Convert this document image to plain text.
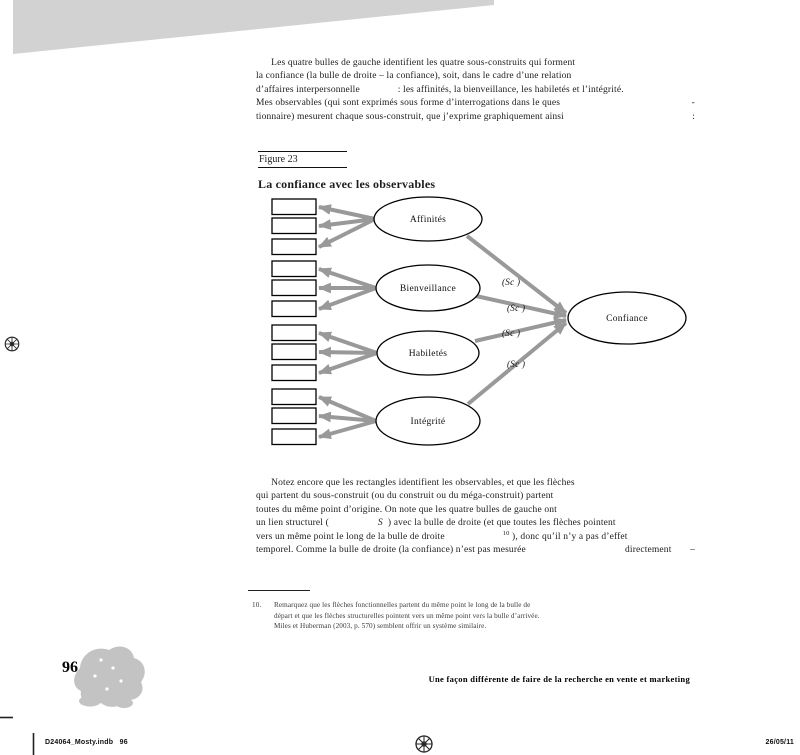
Affinités
Bienveillance
Habiletés
Intégrité
Confiance
(Sc )
(Sc )
(Sc )
(Sc )
Les quatre bulles de gauche identifient les quatre sous-construits qui forment
la confiance (la bulle de droite – la confiance), soit, dans le cadre d’une relation
d’affaires interpersonnelle               : les affinités, la bienveillance, les habiletés et l’intégrité.
Mes observables (qui sont exprimés sous forme d’interrogations dans le ques	-
tionnaire) mesurent chaque sous-construit, que j’exprime graphiquement ainsi	:
Figure 23
La confiance avec les observables
Notez encore que les rectangles identifient les observables, et que les flèches
qui partent du sous-construit (ou du construit ou du méga-construit) partent
toutes du même point d’origine. On note que les quatre bulles de gauche ont
un lien structurel (	S  ) avec la bulle de droite (et que toutes les flèches pointent
vers un même point le long de la bulle de droite	$^{10}$ ), donc qu’il n’y a pas d’effet
temporel. Comme la bulle de droite (la confiance) n’est pas mesurée	directement –
10. Remarquez que les flèches fonctionnelles partent du même point le long de la bulle de
départ et que les flèches structurelles pointent vers un même point vers la bulle d’arrivée.
Miles et Huberman (2003, p. 570) semblent offrir un système similaire.
96
Une façon différente de faire de la recherche en vente et marketing
D24064_Mosty.indb   96	26/05/11
